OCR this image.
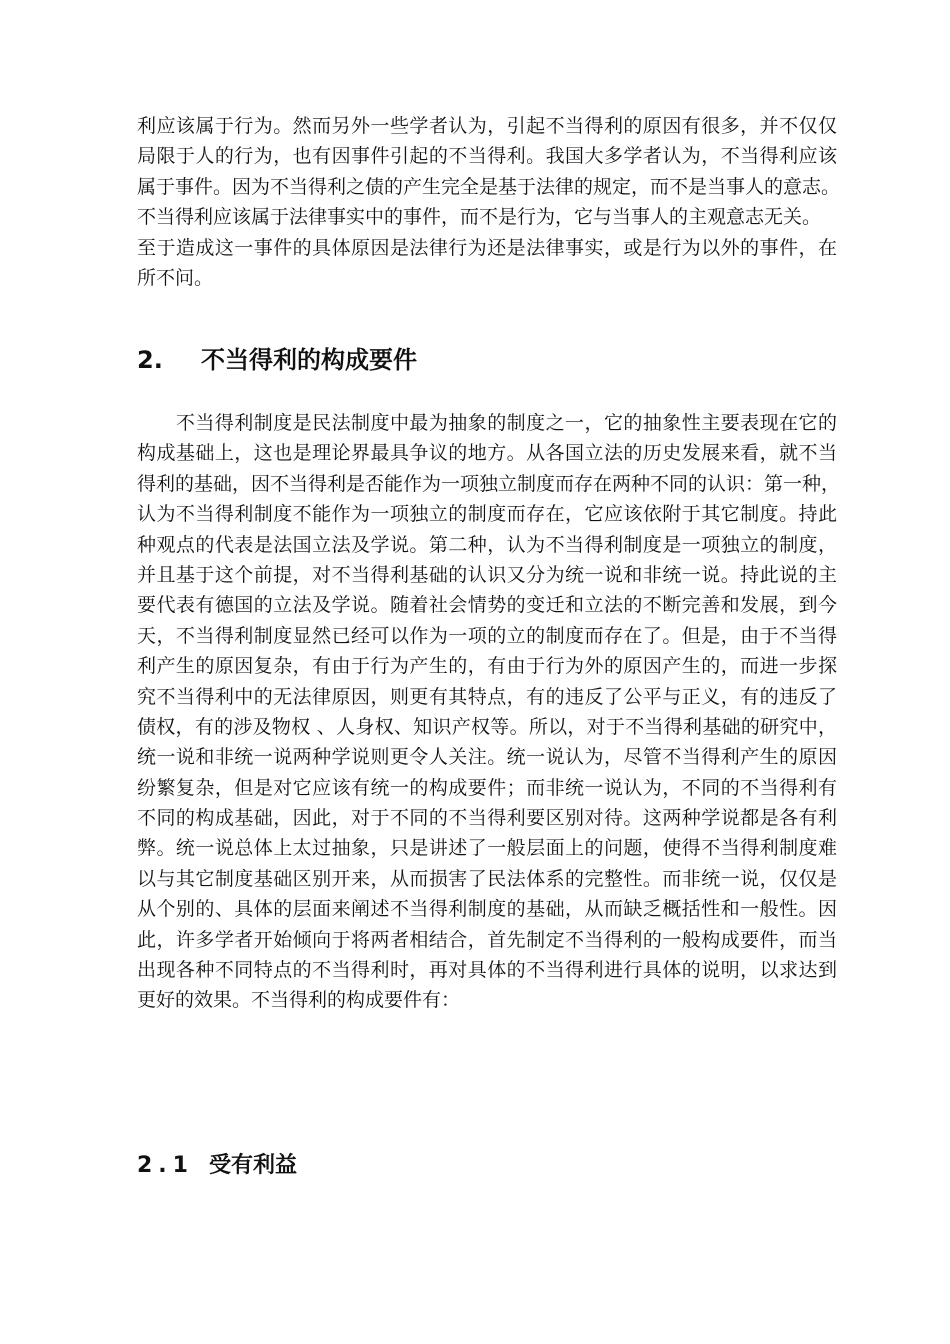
利应该属于行为。然而另外一些学者认为，引起不当得利的原因有很多，并不仅仅
局限于人的行为，也有因事件引起的不当得利。我国大多学者认为，不当得利应该
属于事件。因为不当得利之债的产生完全是基于法律的规定，而不是当事人的意志。
不当得利应该属于法律事实中的事件，而不是行为，它与当事人的主观意志无关。
至于造成这一事件的具体原因是法律行为还是法律事实，或是行为以外的事件，在
所不问。
2. 不当得利的构成要件
　　不当得利制度是民法制度中最为抽象的制度之一，它的抽象性主要表现在它的
构成基础上，这也是理论界最具争议的地方。从各国立法的历史发展来看，就不当
得利的基础，因不当得利是否能作为一项独立制度而存在两种不同的认识：第一种，
认为不当得利制度不能作为一项独立的制度而存在，它应该依附于其它制度。持此
种观点的代表是法国立法及学说。第二种，认为不当得利制度是一项独立的制度，
并且基于这个前提，对不当得利基础的认识又分为统一说和非统一说。持此说的主
要代表有德国的立法及学说。随着社会情势的变迁和立法的不断完善和发展，到今
天，不当得利制度显然已经可以作为一项的立的制度而存在了。但是，由于不当得
利产生的原因复杂，有由于行为产生的，有由于行为外的原因产生的，而进一步探
究不当得利中的无法律原因，则更有其特点，有的违反了公平与正义，有的违反了
债权，有的涉及物权 、人身权、知识产权等。所以，对于不当得利基础的研究中，
统一说和非统一说两种学说则更令人关注。统一说认为，尽管不当得利产生的原因
纷繁复杂，但是对它应该有统一的构成要件；而非统一说认为，不同的不当得利有
不同的构成基础，因此，对于不同的不当得利要区别对待。这两种学说都是各有利
弊。统一说总体上太过抽象，只是讲述了一般层面上的问题，使得不当得利制度难
以与其它制度基础区别开来，从而损害了民法体系的完整性。而非统一说，仅仅是
从个别的、具体的层面来阐述不当得利制度的基础，从而缺乏概括性和一般性。因
此，许多学者开始倾向于将两者相结合，首先制定不当得利的一般构成要件，而当
出现各种不同特点的不当得利时，再对具体的不当得利进行具体的说明，以求达到
更好的效果。不当得利的构成要件有：
2.1 受有利益
